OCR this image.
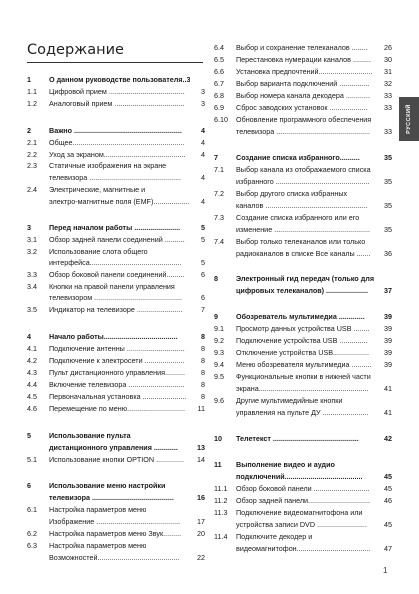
Содержание
1	О данном руководстве пользователя..3
1.1 Цифровой прием ...................................... 3
1.2 Аналоговый прием ................................... 3
2	Важно ......................................................	4
2.1 Общее........................................................ 4
2.2 Уход за экраном......................................... 4
2.3 Статичные изображения на экране
телевизора ..............................................	4
2.4 Электрические, магнитные и
электро-магнитные поля (EMF).................. 4
3	Перед началом работы .......................	5
3.1 Обзор задней панели соединений .......... 5
3.2 Использование слота общего
интерфейса..............................................	5
3.3 Обзор боковой панели соединений......... 6
3.4 Кнопки на правой панели управления
телевизором ............................................	6
3.5 Индикатор на телевизоре .......................	7
4	Начало работы.....................................	8
4.1 Подключение антенны ............................. 8
4.2 Подключение к электросети .................... 8
4.3 Пульт дистанционного управления.......... 8
4.4 Включение телевизора ............................ 8
4.5 Первоначальная установка ...................... 8
4.6 Перемещение по меню............................. 11
5	Использование пульта
дистанционного управления ............	13
5.1 Использование кнопки OPTION .............. 14
6	Использование меню настройки
телевизора .........................................	16
6.1 Настройка параметров меню
Изображение .......................................... 17
6.2 Настройка параметров меню Звук......... 20
6.3 Настройка параметров меню
Возможностей......................................... 22
6.4 Выбор и сохранение телеканалов ........ 26
6.5 Перестановка нумерации каналов ......... 30
6.6 Установка предпочтений........................... 31
6.7 Выбор варианта подключений ............... 32
6.8 Выбор номера канала декодера ............ 33
6.9 Сброс заводских установок ................... 33
6.10 Обновление программного обеспечения
телевизора ............................................... 33
7	Создание списка избранного..........	35
7.1 Выбор канала из отображаемого списка
избранного ............................................... 35
7.2 Выбор другого списка избранных
каналов ................................................... 35
7.3 Создание списка избранного или его
изменение ................................................ 35
7.4 Выбор только телеканалов или только
радиоканалов в списке Все каналы ....... 36
8	Электронный гид передач (только для
цифровых телеканалов) ..................... 37
9	Обозреватель мультимедиа .............	39
9.1 Просмотр данных устройства USB ........ 39
9.2 Подключение устройства USB .............. 39
9.3 Отключение устройства USB.................. 39
9.4 Меню обозревателя мультимедиа .......... 39
9.5 Функциональные кнопки в нижней части
экрана....................................................... 41
9.6 Другие мультимедийные кнопки
управления на пульте ДУ ....................... 41
10 Телетекст ...........................................	42
11 Выполнение видео и аудио
подключений.......................................	45
11.1 Обзор боковой панели ............................ 45
11.2 Обзор задней панели............................... 46
11.3 Подключение видеомагнитофона или
устройства записи DVD ......................... 45
11.4 Подключите декодер и
видеомагнитофон..................................... 47
РУССКИЙ
1
